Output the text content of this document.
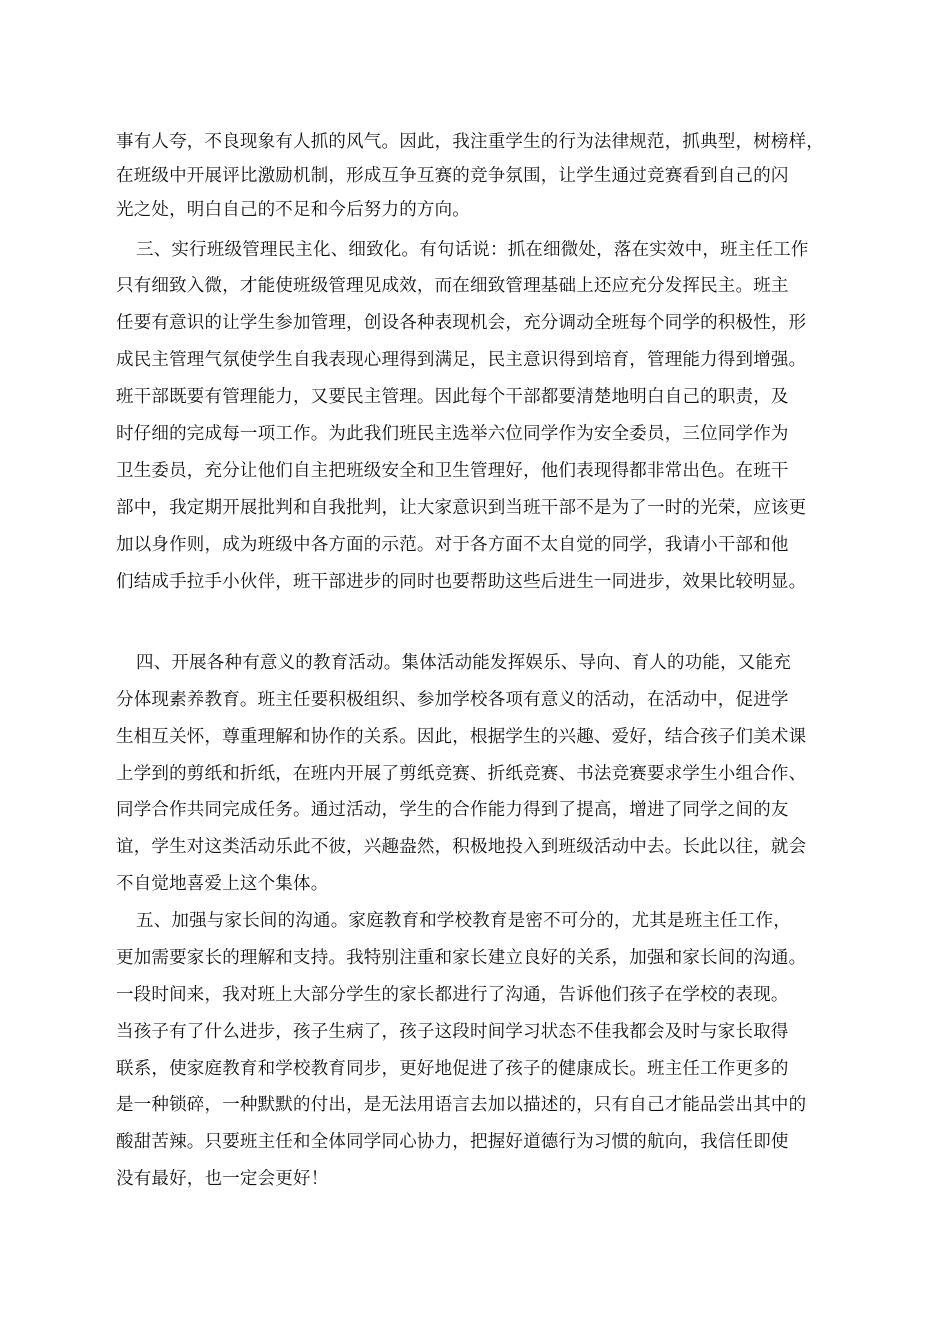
事有人夸，不良现象有人抓的风气。因此，我注重学生的行为法律规范，抓典型，树榜样，
在班级中开展评比激励机制，形成互争互赛的竞争氛围，让学生通过竞赛看到自己的闪
光之处，明白自己的不足和今后努力的方向。
三、实行班级管理民主化、细致化。有句话说：抓在细微处，落在实效中，班主任工作
只有细致入微，才能使班级管理见成效，而在细致管理基础上还应充分发挥民主。班主
任要有意识的让学生参加管理，创设各种表现机会，充分调动全班每个同学的积极性，形
成民主管理气氛使学生自我表现心理得到满足，民主意识得到培育，管理能力得到增强。
班干部既要有管理能力，又要民主管理。因此每个干部都要清楚地明白自己的职责，及
时仔细的完成每一项工作。为此我们班民主选举六位同学作为安全委员，三位同学作为
卫生委员，充分让他们自主把班级安全和卫生管理好，他们表现得都非常出色。在班干
部中，我定期开展批判和自我批判，让大家意识到当班干部不是为了一时的光荣，应该更
加以身作则，成为班级中各方面的示范。对于各方面不太自觉的同学，我请小干部和他
们结成手拉手小伙伴，班干部进步的同时也要帮助这些后进生一同进步，效果比较明显。
四、开展各种有意义的教育活动。集体活动能发挥娱乐、导向、育人的功能，又能充
分体现素养教育。班主任要积极组织、参加学校各项有意义的活动，在活动中，促进学
生相互关怀，尊重理解和协作的关系。因此，根据学生的兴趣、爱好，结合孩子们美术课
上学到的剪纸和折纸，在班内开展了剪纸竞赛、折纸竞赛、书法竞赛要求学生小组合作、
同学合作共同完成任务。通过活动，学生的合作能力得到了提高，增进了同学之间的友
谊，学生对这类活动乐此不彼，兴趣盎然，积极地投入到班级活动中去。长此以往，就会
不自觉地喜爱上这个集体。
五、加强与家长间的沟通。家庭教育和学校教育是密不可分的，尤其是班主任工作，
更加需要家长的理解和支持。我特别注重和家长建立良好的关系，加强和家长间的沟通。
一段时间来，我对班上大部分学生的家长都进行了沟通，告诉他们孩子在学校的表现。
当孩子有了什么进步，孩子生病了，孩子这段时间学习状态不佳我都会及时与家长取得
联系，使家庭教育和学校教育同步，更好地促进了孩子的健康成长。班主任工作更多的
是一种锁碎，一种默默的付出，是无法用语言去加以描述的，只有自己才能品尝出其中的
酸甜苦辣。只要班主任和全体同学同心协力，把握好道德行为习惯的航向，我信任即使
没有最好，也一定会更好！
